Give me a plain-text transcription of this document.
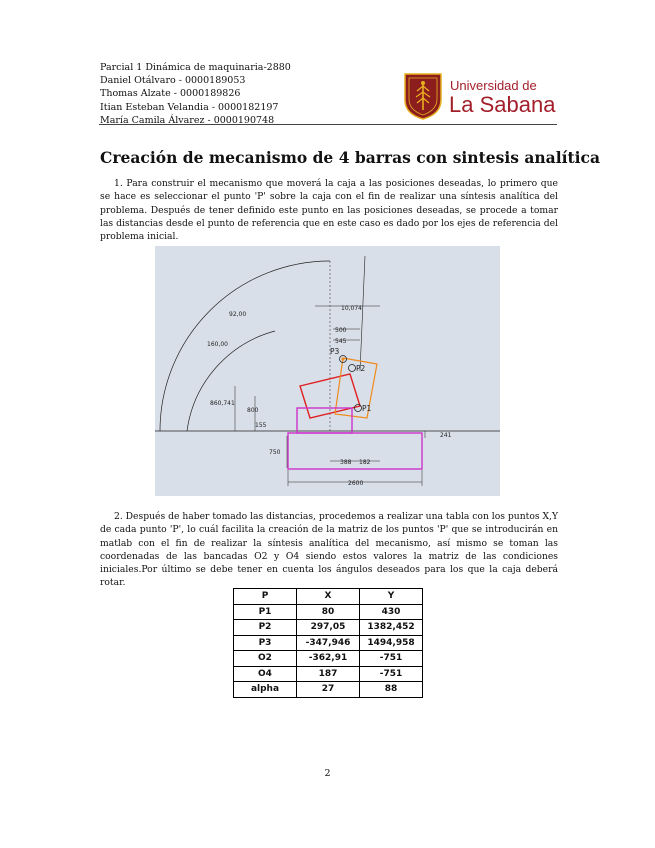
Parcial 1 Dinámica de maquinaria-2880
Daniel Otálvaro - 0000189053
Thomas Alzate - 0000189826
Itian Esteban Velandia - 0000182197
María Camila Álvarez - 0000190748
Universidad de
La Sabana
Creación de mecanismo de 4 barras con sintesis analítica
1. Para construir el mecanismo que moverá la caja a las posiciones deseadas, lo primero que se hace es seleccionar el punto 'P' sobre la caja con el fin de realizar una síntesis analítica del problema. Después de tener definido este punto en las posiciones deseadas, se procede a tomar las distancias desde el punto de referencia que en este caso es dado por los ejes de referencia del problema inicial.
92,00
160,00
10,074
500
545
860,741
800
155
P3
P2
P1
750
241
388 182
2600
2. Después de haber tomado las distancias, procedemos a realizar una tabla con los puntos X,Y de cada punto 'P', lo cuál facilita la creación de la matriz de los puntos 'P' que se introducirán en matlab con el fin de realizar la síntesis analítica del mecanismo, así mismo se toman las coordenadas de las bancadas O2 y O4 siendo estos valores la matriz de las condiciones iniciales.Por último se debe tener en cuenta los ángulos deseados para los que la caja deberá rotar.
P	X	Y
P1	80	430
P2	297,05	1382,452
P3	-347,946	1494,958
O2	-362,91	-751
O4	187	-751
alpha	27	88
2
